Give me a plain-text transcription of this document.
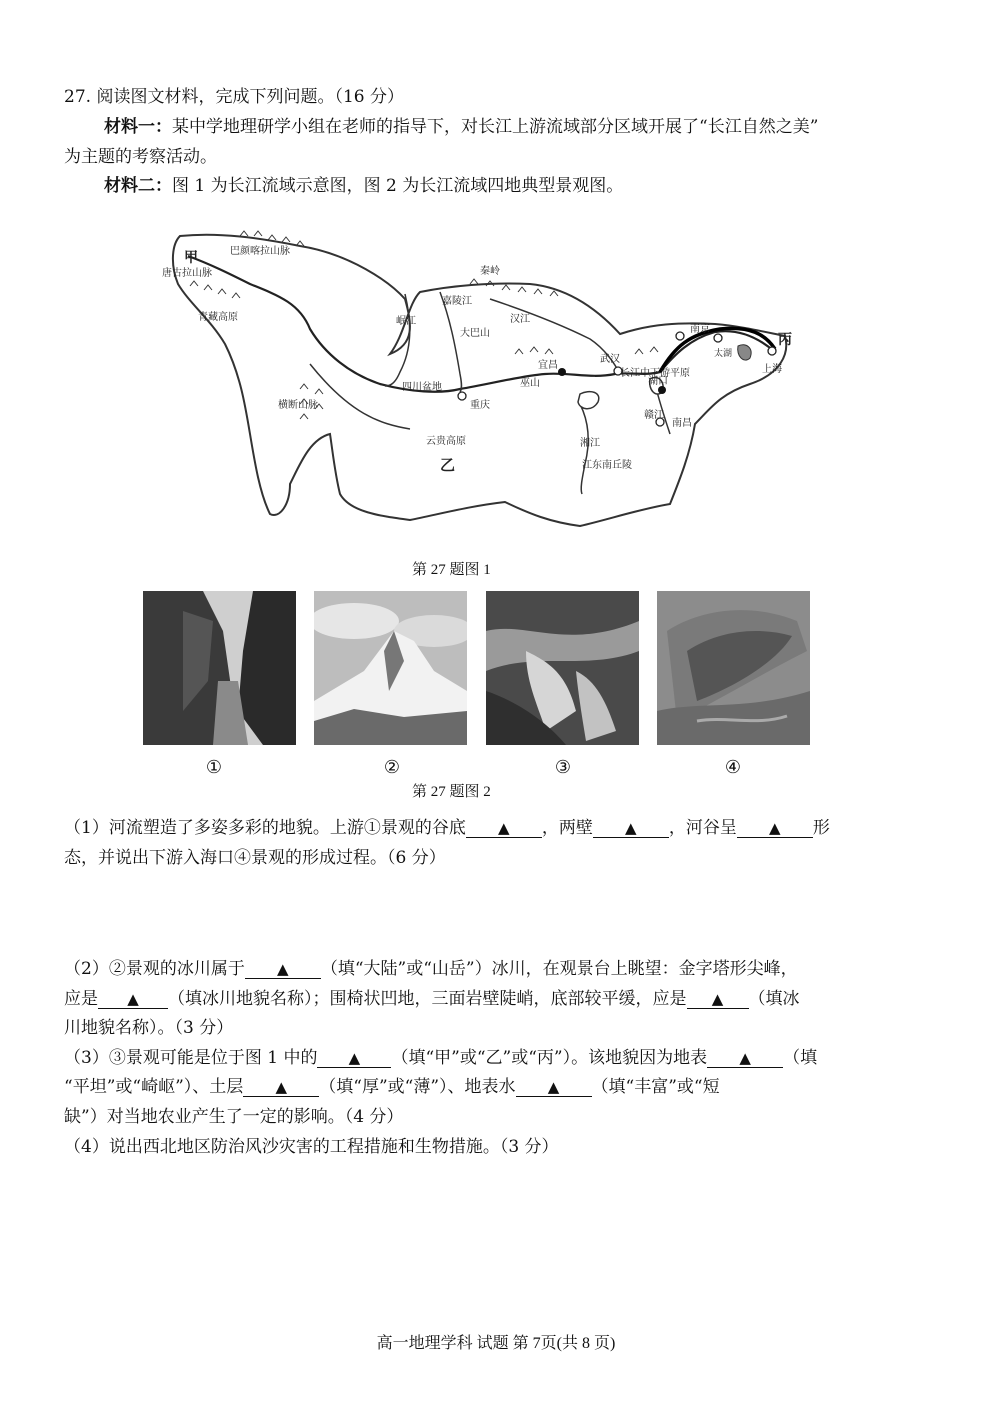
27. 阅读图文材料，完成下列问题。（16 分）
材料一：某中学地理研学小组在老师的指导下，对长江上游流域部分区域开展了“长江自然之美”
为主题的考察活动。
材料二：图 1 为长江流域示意图，图 2 为长江流域四地典型景观图。
甲
乙
丙
巴颜喀拉山脉
唐古拉山脉
青藏高原
横断山脉
秦岭
嘉陵江
岷江	汉江
大巴山
四川盆地
重庆
宜昌
巫山
云贵高原
武汉
长江中下游平原
湖口
南京
太湖
上海
南昌
赣江
湘江
江东南丘陵
第 27 题图 1
①	②	③	④
第 27 题图 2
（1）河流塑造了多姿多彩的地貌。上游①景观的谷底 ▲ ，两壁 ▲ ，河谷呈 ▲ 形
态，并说出下游入海口④景观的形成过程。（6 分）
（2）②景观的冰川属于 ▲ （填“大陆”或“山岳”）冰川，在观景台上眺望：金字塔形尖峰，
应是 ▲ （填冰川地貌名称）；围椅状凹地，三面岩壁陡峭，底部较平缓，应是 ▲ （填冰
川地貌名称）。（3 分）
（3）③景观可能是位于图 1 中的 ▲ （填“甲”或“乙”或“丙”）。该地貌因为地表 ▲ （填
“平坦”或“崎岖”）、土层 ▲ （填“厚”或“薄”）、地表水 ▲ （填“丰富”或“短
缺”）对当地农业产生了一定的影响。（4 分）
（4）说出西北地区防治风沙灾害的工程措施和生物措施。（3 分）
高一地理学科 试题 第 7页(共 8 页)
